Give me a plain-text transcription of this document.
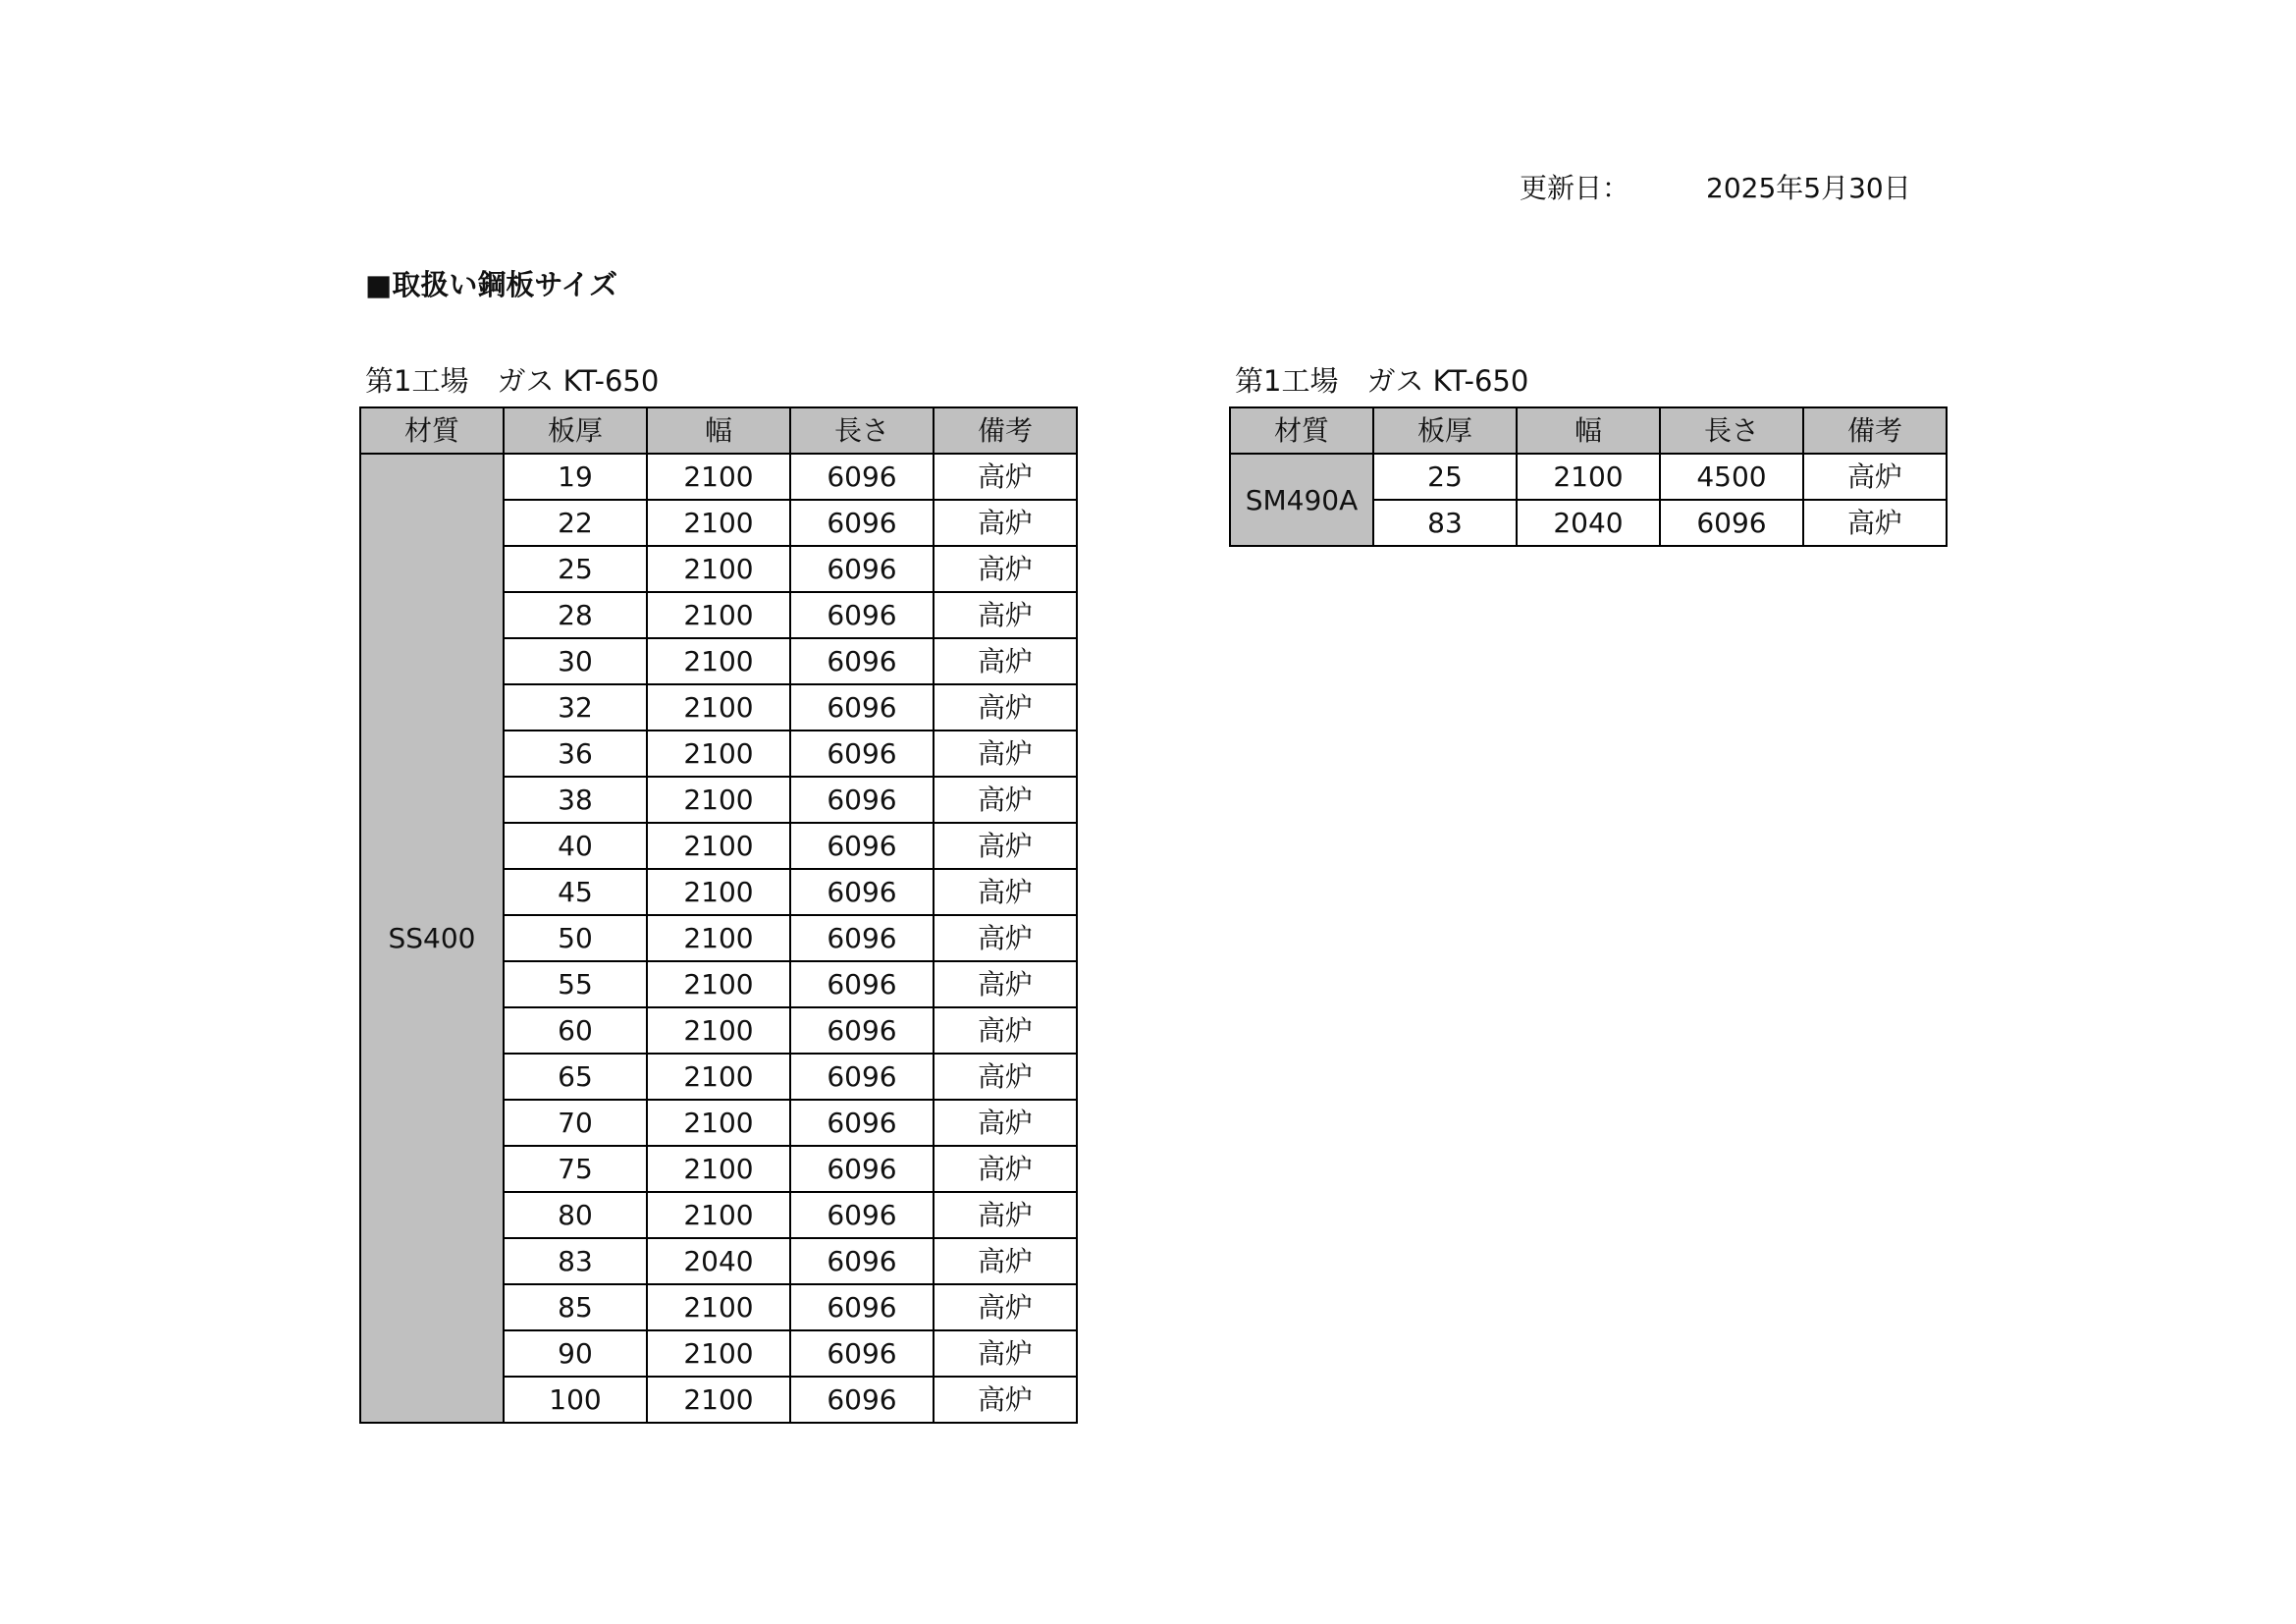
更新日：	2025年5月30日
■取扱い鋼板サイズ
第1工場　ガス KT-650
材質	板厚	幅	長さ	備考
SS400	19	2100	6096	高炉
	22	2100	6096	高炉
	25	2100	6096	高炉
	28	2100	6096	高炉
	30	2100	6096	高炉
	32	2100	6096	高炉
	36	2100	6096	高炉
	38	2100	6096	高炉
	40	2100	6096	高炉
	45	2100	6096	高炉
	50	2100	6096	高炉
	55	2100	6096	高炉
	60	2100	6096	高炉
	65	2100	6096	高炉
	70	2100	6096	高炉
	75	2100	6096	高炉
	80	2100	6096	高炉
	83	2040	6096	高炉
	85	2100	6096	高炉
	90	2100	6096	高炉
	100	2100	6096	高炉
第1工場　ガス KT-650
材質	板厚	幅	長さ	備考
SM490A	25	2100	4500	高炉
	83	2040	6096	高炉
